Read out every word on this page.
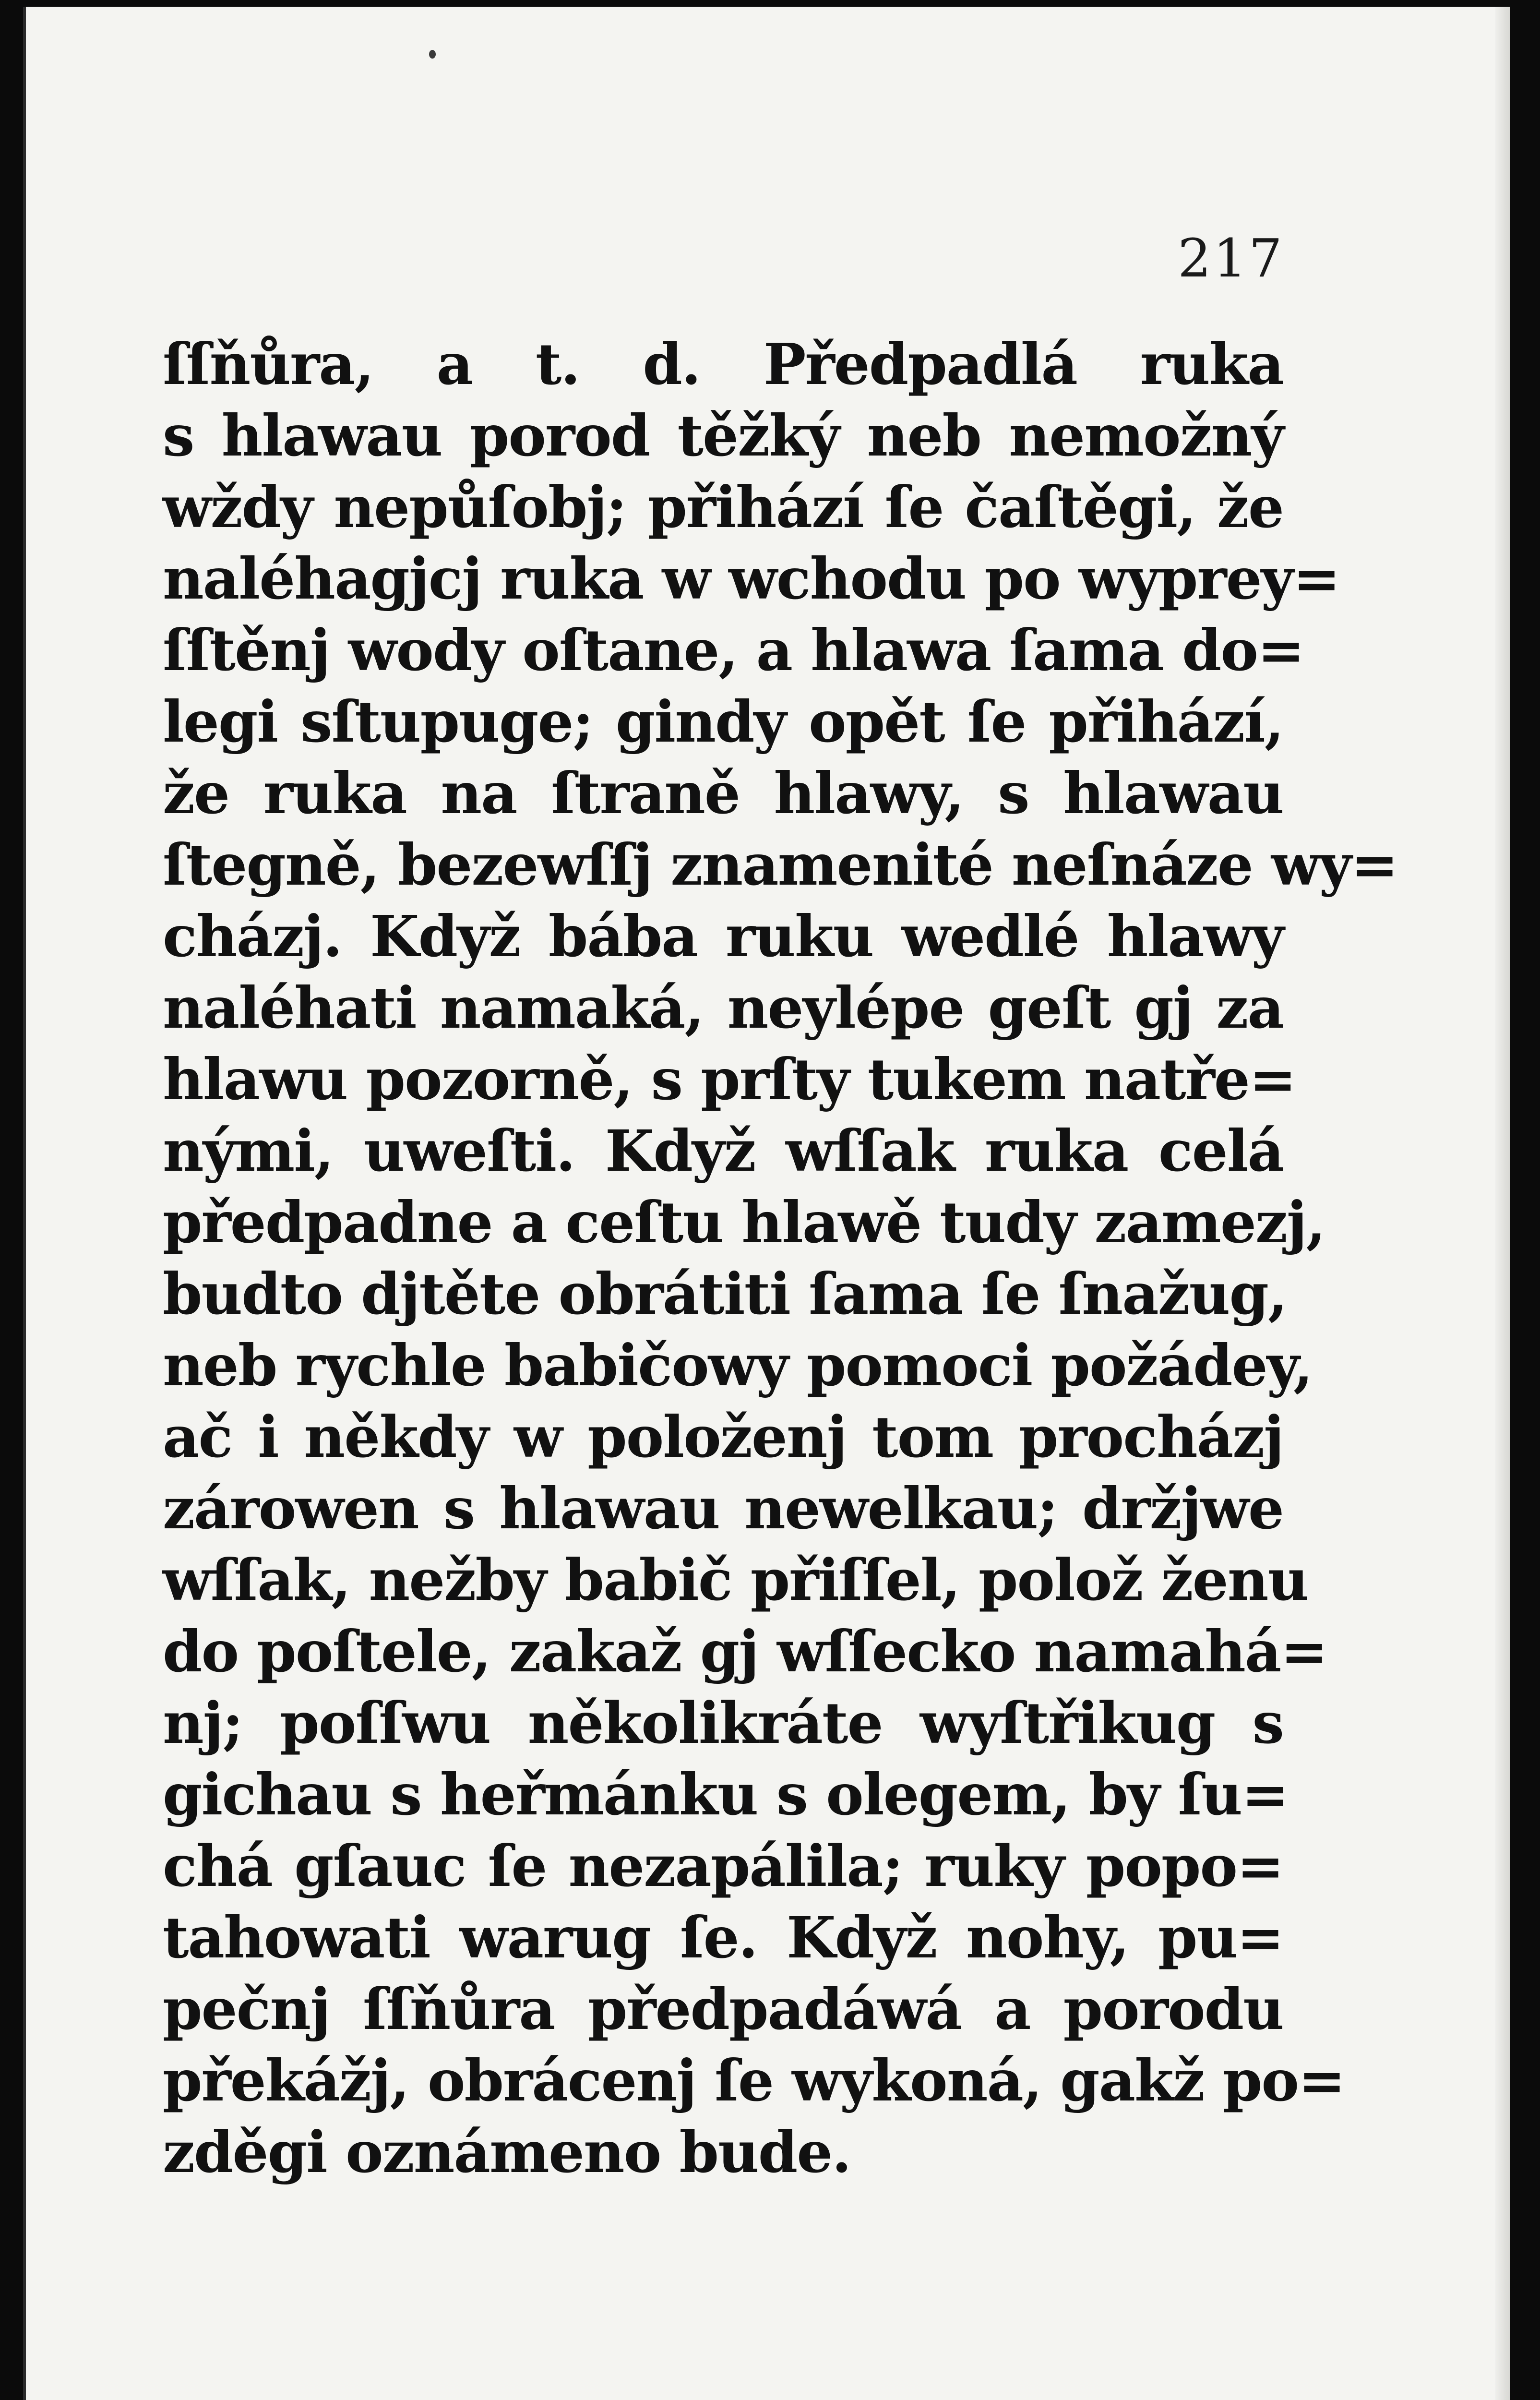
217
ſſňůra, a t. d. Předpadlá ruka
s hlawau porod těžký neb nemožný
wždy nepůſobj; přihází ſe čaſtěgi, že
naléhagjcj ruka w wchodu po wyprey=
ſſtěnj wody oſtane, a hlawa ſama do=
legi sſtupuge; gindy opět ſe přihází,
že ruka na ſtraně hlawy, s hlawau
ſtegně, bezewſſj znamenité neſnáze wy=
cházj. Když bába ruku wedlé hlawy
naléhati namaká, neylépe geſt gj za
hlawu pozorně, s prſty tukem natře=
nými, uweſti. Když wſſak ruka celá
předpadne a ceſtu hlawě tudy zamezj,
budto djtěte obrátiti ſama ſe ſnažug,
neb rychle babičowy pomoci požádey,
ač i někdy w položenj tom procházj
zárowen s hlawau newelkau; držjwe
wſſak, nežby babič přiſſel, polož ženu
do poſtele, zakaž gj wſſecko namahá=
nj; poſſwu několikráte wyſtřikug s
gichau s heřmánku s olegem, by ſu=
chá gſauc ſe nezapálila; ruky popo=
tahowati warug ſe. Když nohy, pu=
pečnj ſſňůra předpadáwá a porodu
překážj, obrácenj ſe wykoná, gakž po=
zděgi oznámeno bude.
